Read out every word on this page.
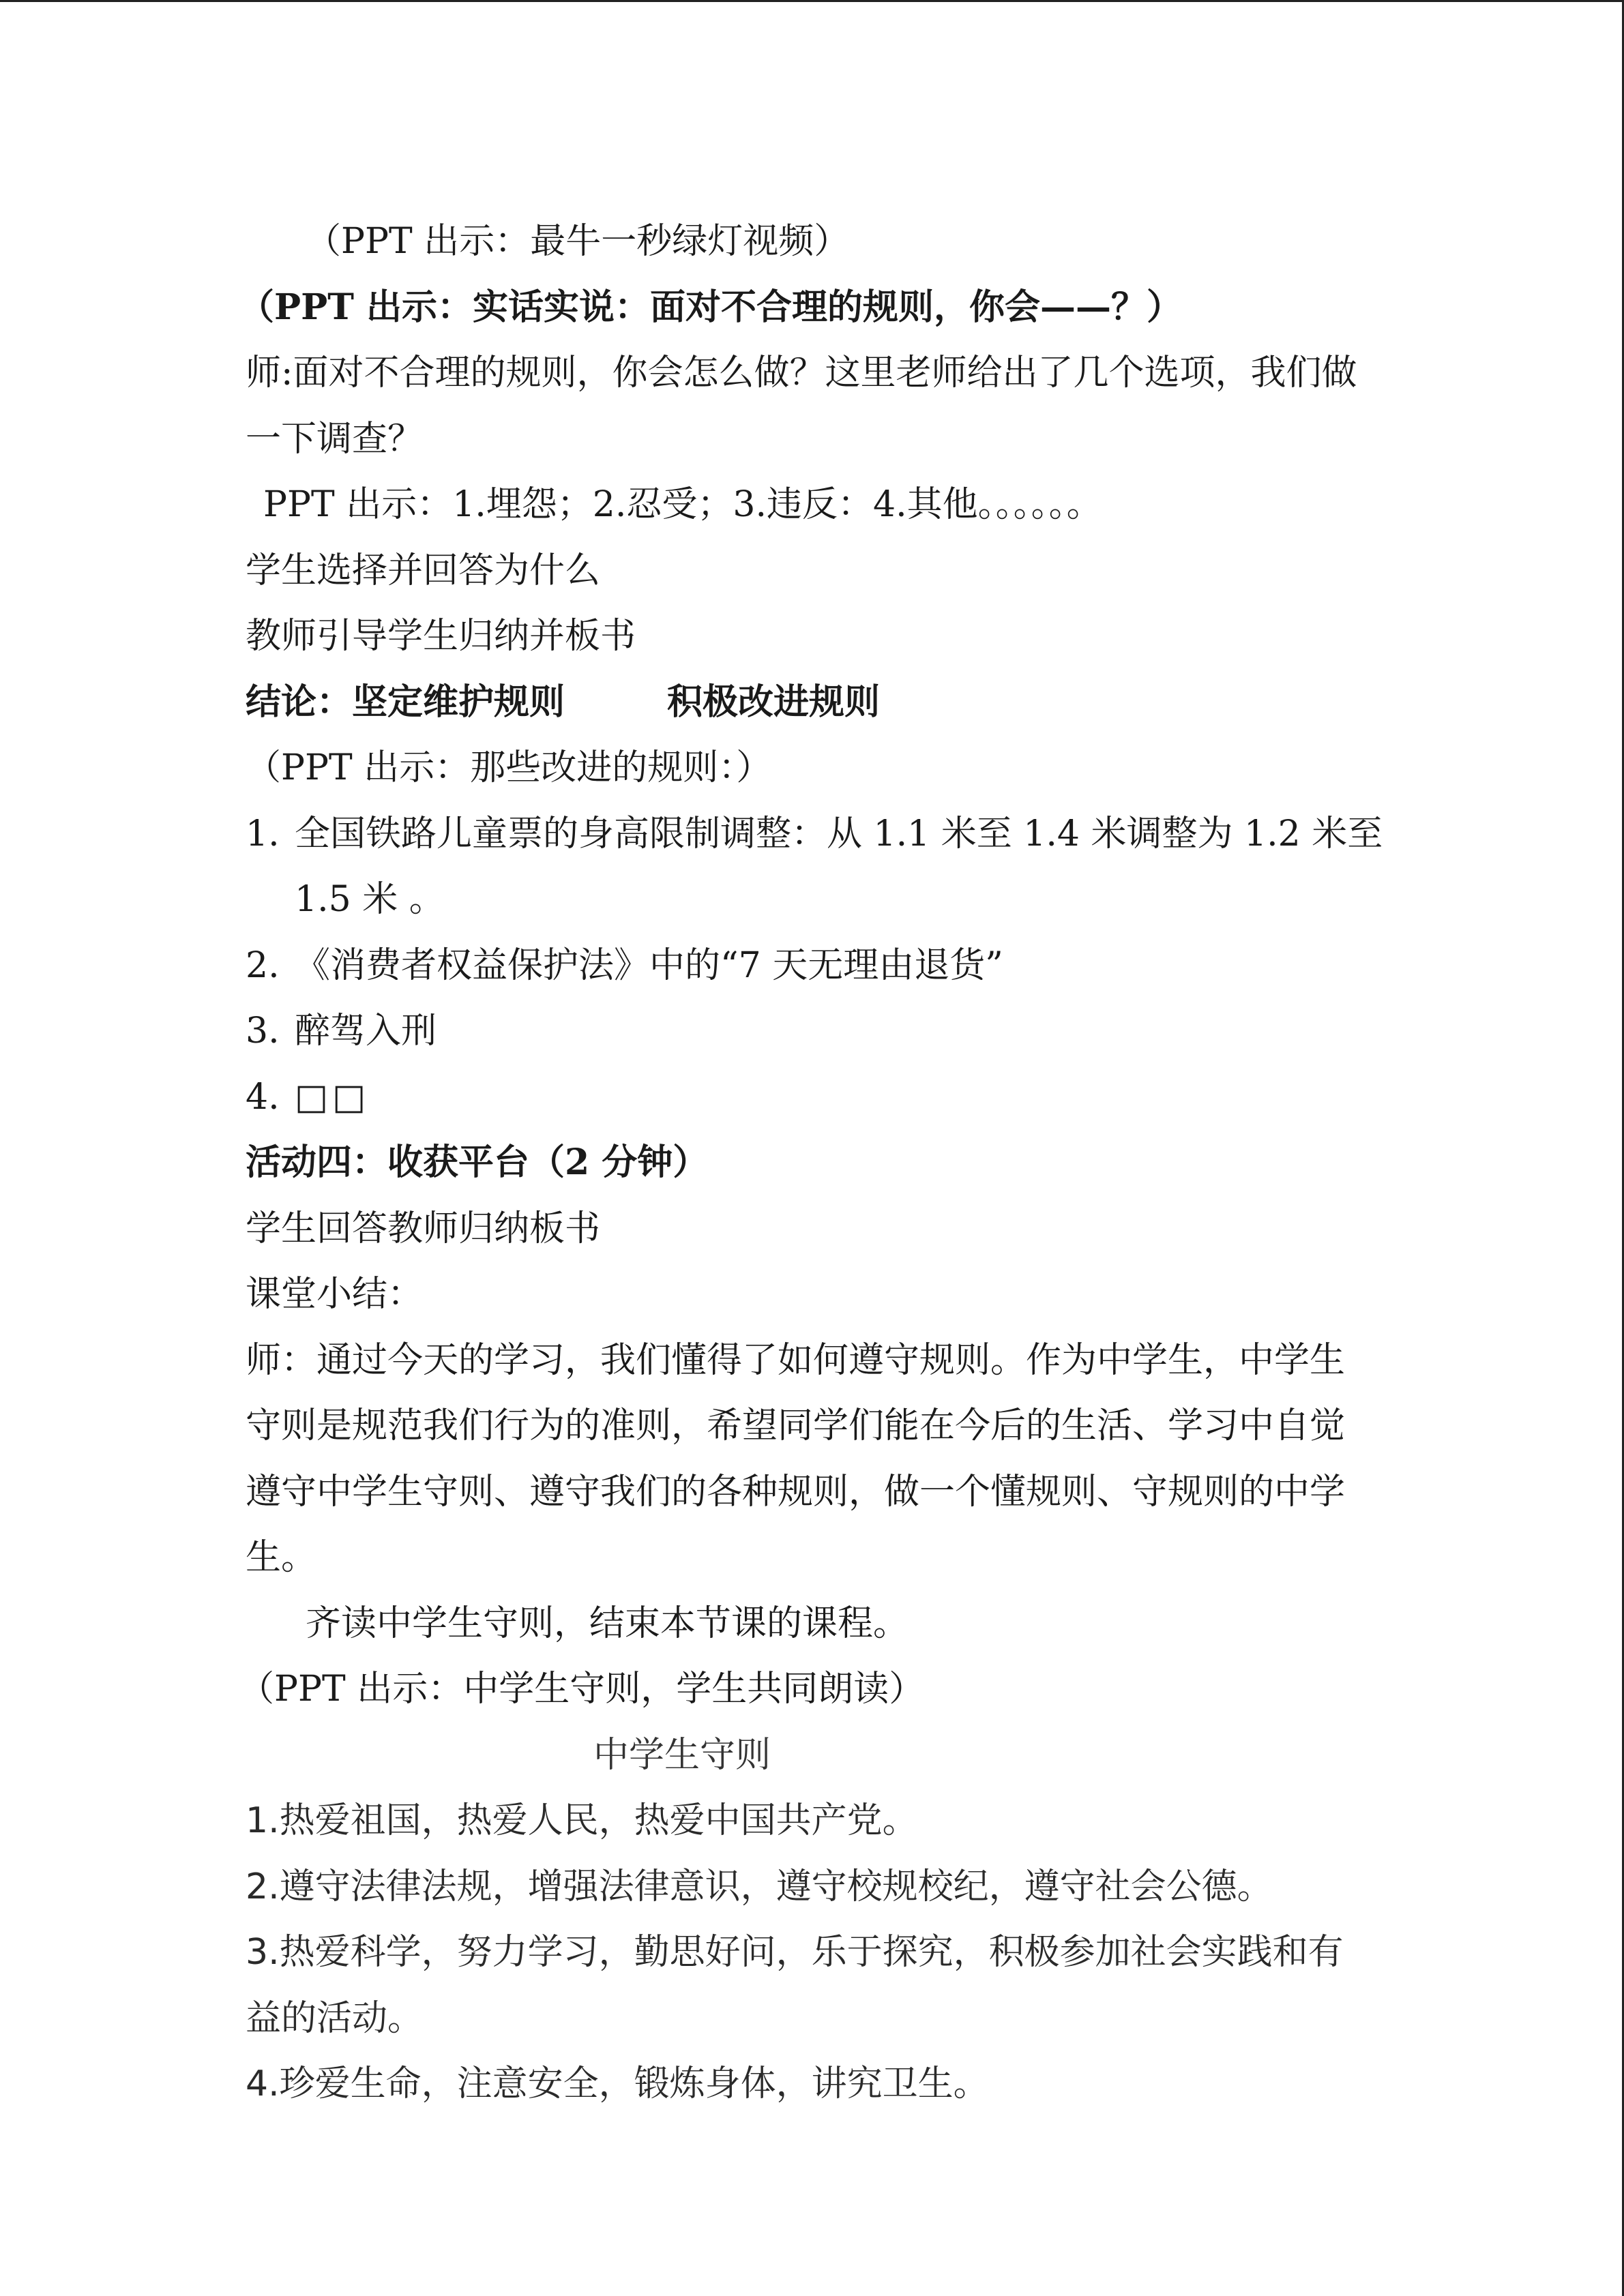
（PPT 出示：最牛一秒绿灯视频）
（PPT 出示：实话实说：面对不合理的规则，你会——？）
师:面对不合理的规则，你会怎么做？这里老师给出了几个选项，我们做一下调查？
PPT 出示：1.埋怨；2.忍受；3.违反：4.其他。。。。。。
学生选择并回答为什么
教师引导学生归纳并板书
结论：坚定维护规则	积极改进规则
（PPT 出示：那些改进的规则：）
1. 全国铁路儿童票的身高限制调整：从 1.1 米至 1.4 米调整为 1.2 米至 1.5 米 。
2. 《消费者权益保护法》中的“7 天无理由退货”
3. 醉驾入刑
4. □□
活动四：收获平台（2 分钟）
学生回答教师归纳板书
课堂小结：
师：通过今天的学习，我们懂得了如何遵守规则。作为中学生，中学生守则是规范我们行为的准则，希望同学们能在今后的生活、学习中自觉遵守中学生守则、遵守我们的各种规则，做一个懂规则、守规则的中学生。
齐读中学生守则，结束本节课的课程。
（PPT 出示：中学生守则，学生共同朗读）
中学生守则
1.热爱祖国，热爱人民，热爱中国共产党。
2.遵守法律法规，增强法律意识，遵守校规校纪，遵守社会公德。
3.热爱科学，努力学习，勤思好问，乐于探究，积极参加社会实践和有益的活动。
4.珍爱生命，注意安全，锻炼身体，讲究卫生。
